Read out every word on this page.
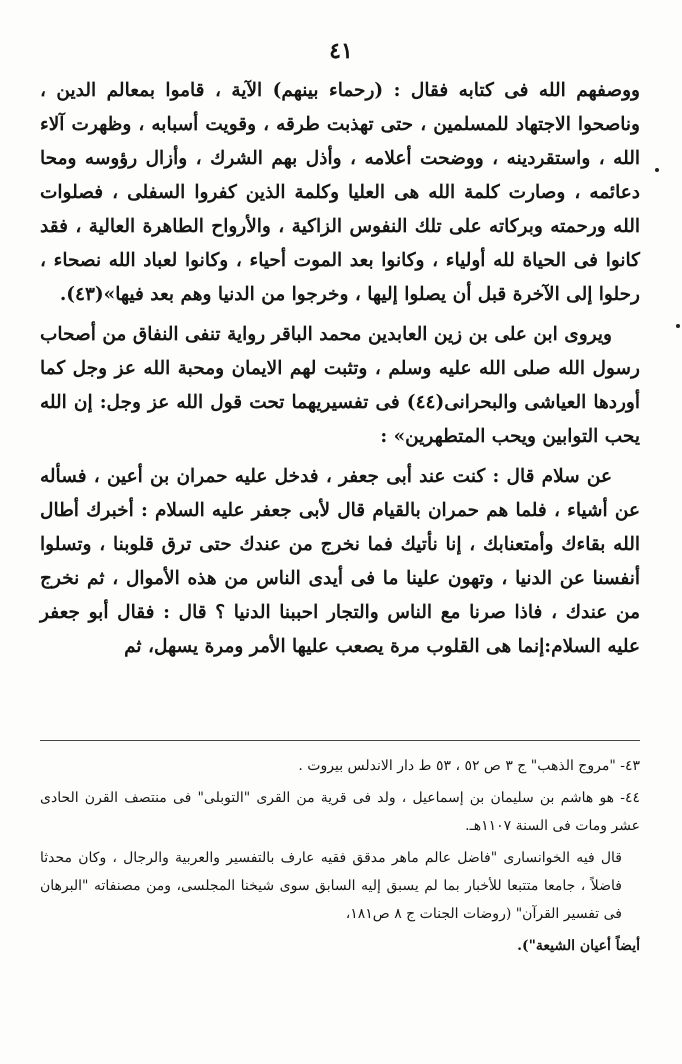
٤١

ووصفهم الله فى كتابه فقال : (رحماء بينهم) الآية ، قاموا بمعالم الدين ، وناصحوا الاجتهاد للمسلمين ، حتى تهذبت طرقه ، وقويت أسبابه ، وظهرت آلاء الله ، واستقردينه ، ووضحت أعلامه ، وأذل بهم الشرك ، وأزال رؤوسه ومحا دعائمه ، وصارت كلمة الله هى العليا وكلمة الذين كفروا السفلى ، فصلوات الله ورحمته وبركاته على تلك النفوس الزاكية ، والأرواح الطاهرة العالية ، فقد كانوا فى الحياة لله أولياء ، وكانوا بعد الموت أحياء ، وكانوا لعباد الله نصحاء ، رحلوا إلى الآخرة قبل أن يصلوا إليها ، وخرجوا من الدنيا وهم بعد فيها»(٤٣).

ويروى ابن على بن زين العابدين محمد الباقر رواية تنفى النفاق من أصحاب رسول الله صلى الله عليه وسلم ، وتثبت لهم الايمان ومحبة الله عز وجل كما أوردها العياشى والبحرانى(٤٤) فى تفسيريهما تحت قول الله عز وجل: إن الله يحب التوابين ويحب المتطهرين» :

عن سلام قال : كنت عند أبى جعفر ، فدخل عليه حمران بن أعين ، فسأله عن أشياء ، فلما هم حمران بالقيام قال لأبى جعفر عليه السلام : أخبرك أطال الله بقاءك وأمتعنابك ، إنا نأتيك فما نخرج من عندك حتى ترق قلوبنا ، وتسلوا أنفسنا عن الدنيا ، وتهون علينا ما فى أيدى الناس من هذه الأموال ، ثم نخرج من عندك ، فاذا صرنا مع الناس والتجار احببنا الدنيا ؟ قال : فقال أبو جعفر عليه السلام:إنما هى القلوب مرة يصعب عليها الأمر ومرة يسهل، ثم

٤٣- "مروج الذهب" ج ٣ ص ٥٢ ، ٥٣ ط دار الاندلس بيروت .

٤٤- هو هاشم بن سليمان بن إسماعيل ، ولد فى قرية من القرى "التوبلى" فى منتصف القرن الحادى عشر ومات فى السنة ١١٠٧هـ.

قال فيه الخوانسارى "فاضل عالم ماهر مدقق فقيه عارف بالتفسير والعربية والرجال ، وكان محدثا فاضلاً ، جامعا متتبعا للأخبار بما لم يسبق إليه السابق سوى شيخنا المجلسى، ومن مصنفاته "البرهان فى تفسير القرآن" (روضات الجنات ج ٨ ص١٨١،

أيضاً أعيان الشيعة").
